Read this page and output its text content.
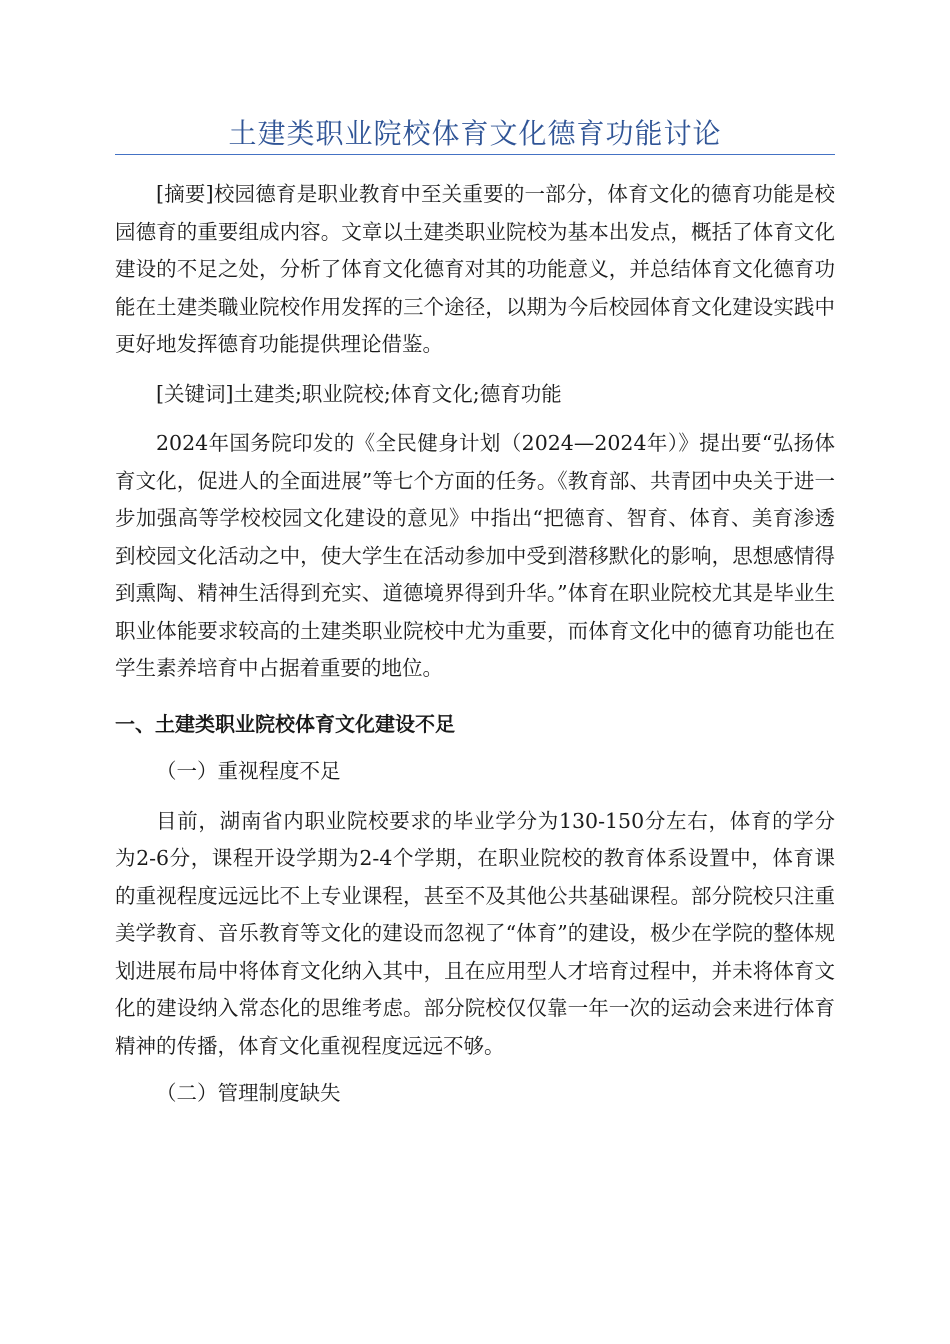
土建类职业院校体育文化德育功能讨论

[摘要]校园德育是职业教育中至关重要的一部分，体育文化的德育功能是校园德育的重要组成内容。文章以土建类职业院校为基本出发点，概括了体育文化建设的不足之处，分析了体育文化德育对其的功能意义，并总结体育文化德育功能在土建类職业院校作用发挥的三个途径，以期为今后校园体育文化建设实践中更好地发挥德育功能提供理论借鉴。

[关键词]土建类;职业院校;体育文化;德育功能

2024年国务院印发的《全民健身计划（2024—2024年）》提出要“弘扬体育文化，促进人的全面进展”等七个方面的任务。《教育部、共青团中央关于进一步加强高等学校校园文化建设的意见》中指出“把德育、智育、体育、美育渗透到校园文化活动之中，使大学生在活动参加中受到潜移默化的影响，思想感情得到熏陶、精神生活得到充实、道德境界得到升华。”体育在职业院校尤其是毕业生职业体能要求较高的土建类职业院校中尤为重要，而体育文化中的德育功能也在学生素养培育中占据着重要的地位。

一、土建类职业院校体育文化建设不足

（一）重视程度不足

目前，湖南省内职业院校要求的毕业学分为130-150分左右，体育的学分为2-6分，课程开设学期为2-4个学期，在职业院校的教育体系设置中，体育课的重视程度远远比不上专业课程，甚至不及其他公共基础课程。部分院校只注重美学教育、音乐教育等文化的建设而忽视了“体育”的建设，极少在学院的整体规划进展布局中将体育文化纳入其中，且在应用型人才培育过程中，并未将体育文化的建设纳入常态化的思维考虑。部分院校仅仅靠一年一次的运动会来进行体育精神的传播，体育文化重视程度远远不够。

（二）管理制度缺失
